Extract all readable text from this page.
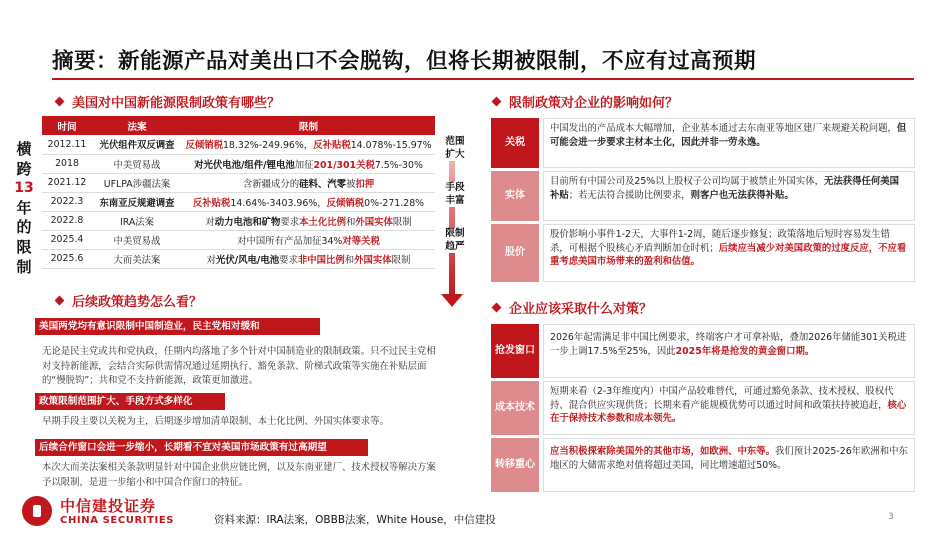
摘要：新能源产品对美出口不会脱钩，但将长期被限制，不应有过高预期
美国对中国新能源限制政策有哪些？
横
跨
13
年
的
限
制
时间	法案	限制
2012.11	光伏组件双反调查	反倾销税18.32%-249.96%，反补贴税14.078%-15.97%
2018	中美贸易战	对光伏电池/组件/锂电池加征201/301关税7.5%-30%
2021.12	UFLPA涉疆法案	含新疆成分的硅料、汽零被扣押
2022.3	东南亚反规避调查	反补贴税14.64%-3403.96%，反倾销税0%-271.28%
2022.8	IRA法案	对动力电池和矿物要求本土化比例和外国实体限制
2025.4	中美贸易战	对中国所有产品加征34%对等关税
2025.6	大而美法案	对光伏/风电/电池要求非中国比例和外国实体限制
范围
扩大
手段
丰富
限制
趋严
后续政策趋势怎么看？
美国两党均有意识限制中国制造业，民主党相对缓和
无论是民主党或共和党执政，任期内均落地了多个针对中国制造业的限制政策。只不过民主党相对支持新能源，会结合实际供需情况通过延期执行、豁免条款、阶梯式政策等实施在补贴层面的“慢脱钩”；共和党不支持新能源，政策更加激进。
政策限制范围扩大、手段方式多样化
早期手段主要以关税为主，后期逐步增加清单限制、本土化比例、外国实体要求等。
后续合作窗口会进一步缩小，长期看不宜对美国市场政策有过高期望
本次大而美法案相关条款明显针对中国企业供应链比例，以及东南亚建厂、技术授权等解决方案予以限制，是进一步缩小和中国合作窗口的特征。
限制政策对企业的影响如何？
关税
中国发出的产品成本大幅增加，企业基本通过去东南亚等地区建厂来规避关税问题，但可能会进一步要求主材本土化，因此并非一劳永逸。
实体
目前所有中国公司及25%以上股权子公司均属于被禁止外国实体，无法获得任何美国补贴；若无法符合援助比例要求，则客户也无法获得补贴。
股价
股价影响小事件1-2天，大事件1-2周，随后逐步修复；政策落地后短时容易发生错杀，可根据个股核心矛盾判断加仓时机；后续应当减少对美国政策的过度反应，不应看重考虑美国市场带来的盈利和估值。
企业应该采取什么对策？
抢发 窗口
2026年起需满足非中国比例要求，终端客户才可拿补贴，叠加2026年储能301关税进一步上调17.5%至25%，因此2025年将是抢发的黄金窗口期。
成本 技术
短期来看（2-3年维度内）中国产品较难替代，可通过豁免条款、技术授权、股权代持、混合供应实现供货；长期来看产能规模优势可以通过时间和政策扶持被追赶，核心在于保持技术参数和成本领先。
转移 重心
应当积极探索除美国外的其他市场，如欧洲、中东等。我们预计2025-26年欧洲和中东地区的大储需求绝对值将超过美国，同比增速超过50%。
中信建投证券
CHINA SECURITIES	资料来源：IRA法案，OBBB法案，White House，中信建投	3
